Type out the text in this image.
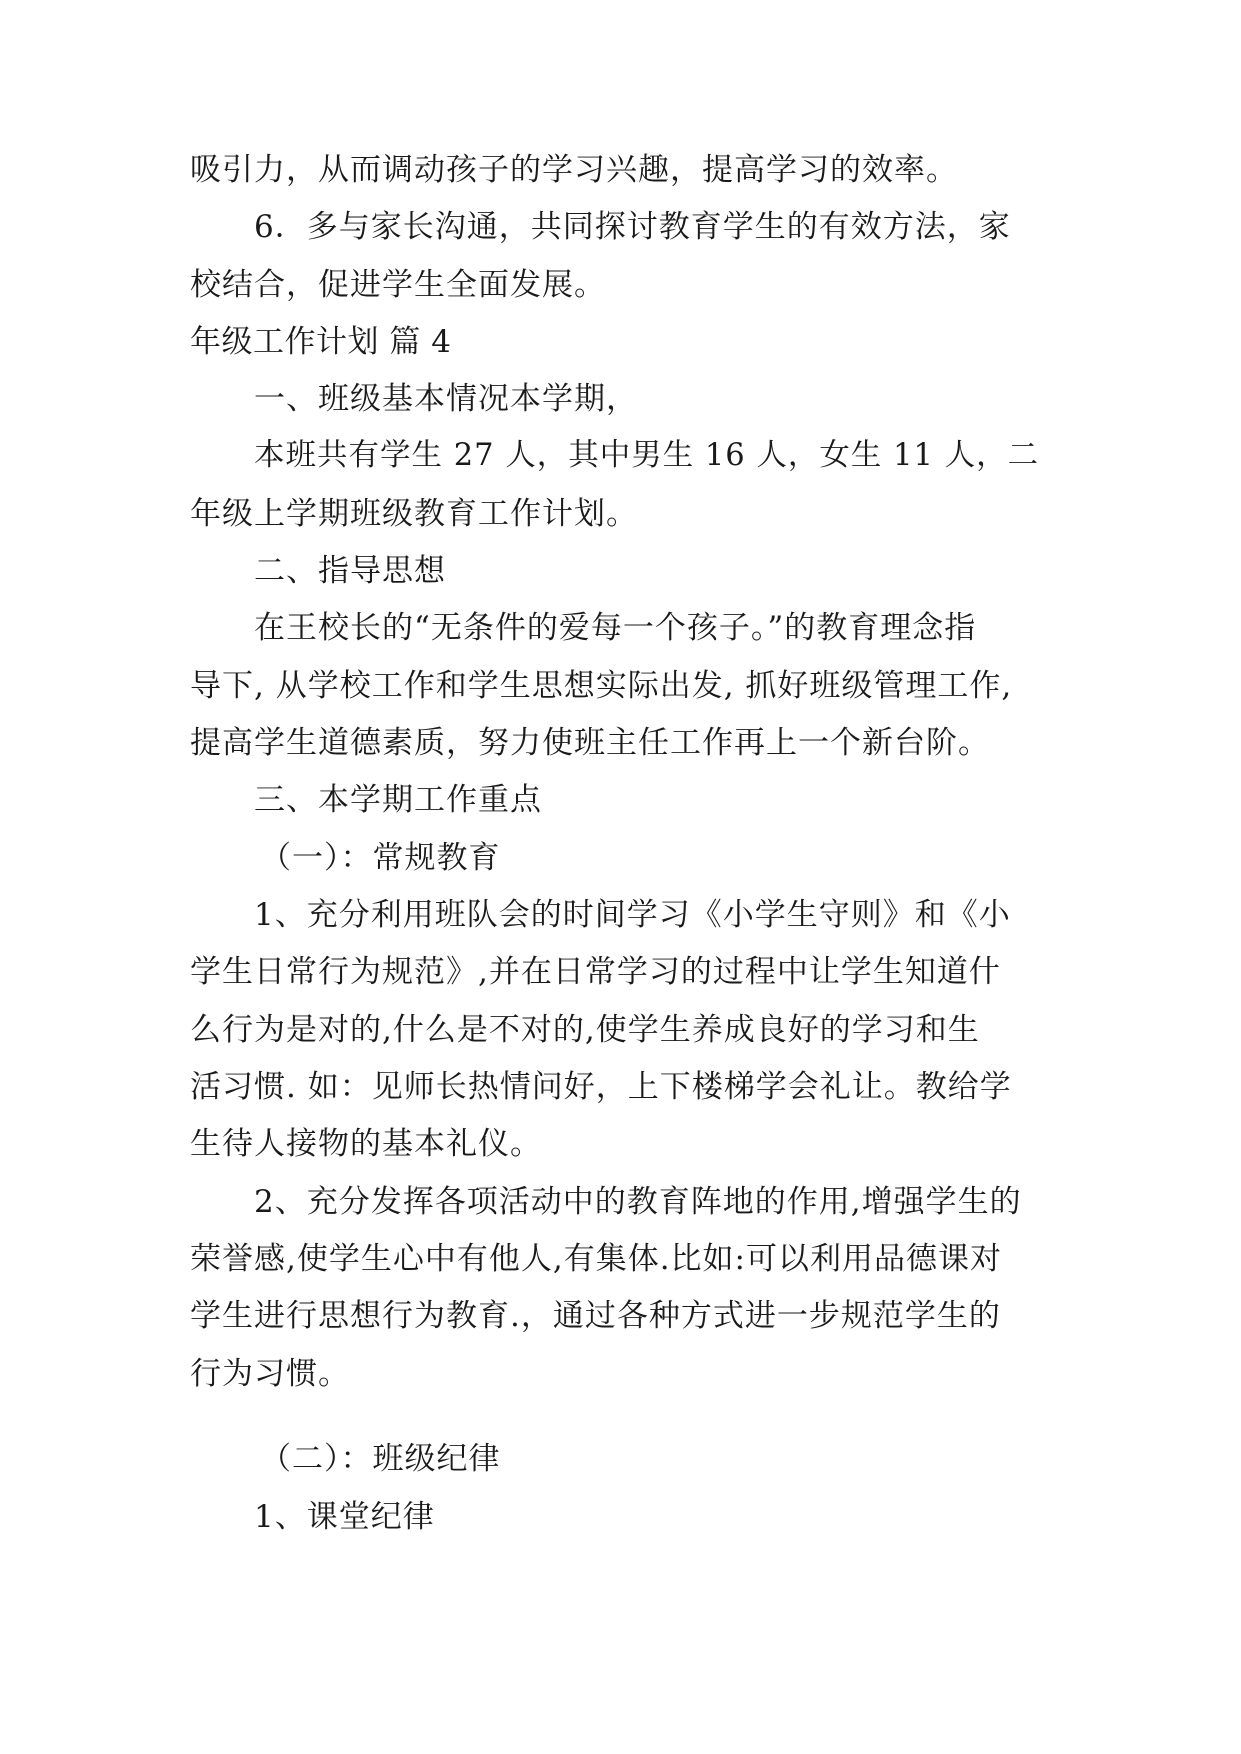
吸引力，从而调动孩子的学习兴趣，提高学习的效率。
6．多与家长沟通，共同探讨教育学生的有效方法，家
校结合，促进学生全面发展。
年级工作计划 篇 4
一、班级基本情况本学期，
本班共有学生 27 人，其中男生 16 人，女生 11 人，二
年级上学期班级教育工作计划。
二、指导思想
在王校长的“无条件的爱每一个孩子。”的教育理念指
导下, 从学校工作和学生思想实际出发, 抓好班级管理工作,
提高学生道德素质，努力使班主任工作再上一个新台阶。
三、本学期工作重点
（一）：常规教育
1、充分利用班队会的时间学习《小学生守则》和《小
学生日常行为规范》,并在日常学习的过程中让学生知道什
么行为是对的,什么是不对的,使学生养成良好的学习和生
活习惯. 如：见师长热情问好，上下楼梯学会礼让。教给学
生待人接物的基本礼仪。
2、充分发挥各项活动中的教育阵地的作用,增强学生的
荣誉感,使学生心中有他人,有集体.比如:可以利用品德课对
学生进行思想行为教育.，通过各种方式进一步规范学生的
行为习惯。
（二）：班级纪律
1、课堂纪律
